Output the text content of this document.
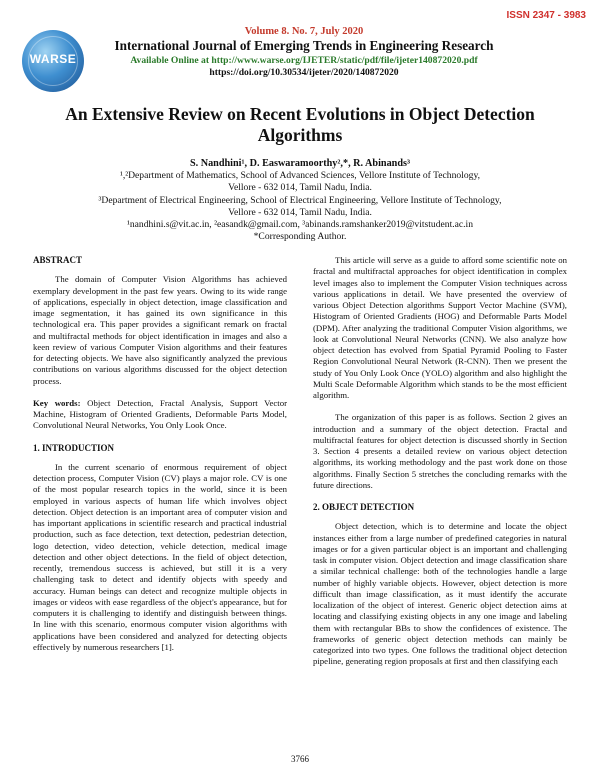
ISSN 2347 - 3983
WARSE
Volume 8. No. 7, July 2020
International Journal of Emerging Trends in Engineering Research
Available Online at http://www.warse.org/IJETER/static/pdf/file/ijeter140872020.pdf
https://doi.org/10.30534/ijeter/2020/140872020
An Extensive Review on Recent Evolutions in Object Detection Algorithms
S. Nandhini¹, D. Easwaramoorthy²,*, R. Abinands³
¹,²Department of Mathematics, School of Advanced Sciences, Vellore Institute of Technology,
Vellore - 632 014, Tamil Nadu, India.
³Department of Electrical Engineering, School of Electrical Engineering, Vellore Institute of Technology,
Vellore - 632 014, Tamil Nadu, India.
¹nandhini.s@vit.ac.in, ²easandk@gmail.com, ³abinands.ramshanker2019@vitstudent.ac.in
*Corresponding Author.
ABSTRACT

The domain of Computer Vision Algorithms has achieved exemplary development in the past few years. Owing to its wide range of applications, especially in object detection, image classification and image segmentation, it has gained its own significance in this technological era. This paper provides a significant remark on fractal and multifractal methods for object identification in images and also a keen review of various Computer Vision algorithms and their features for detecting objects. We have also significantly analyzed the previous contributions on various algorithms discussed for the object detection process.

Key words: Object Detection, Fractal Analysis, Support Vector Machine, Histogram of Oriented Gradients, Deformable Parts Model, Convolutional Neural Networks, You Only Look Once.

1. INTRODUCTION

In the current scenario of enormous requirement of object detection process, Computer Vision (CV) plays a major role. CV is one of the most popular research topics in the world, since it is been employed in various aspects of human life which involves object detection. Object detection is an important area of computer vision and has important applications in scientific research and practical industrial production, such as face detection, text detection, pedestrian detection, logo detection, video detection, vehicle detection, medical image detection and other object detections. In the field of object detection, recently, tremendous success is achieved, but still it is a very challenging task to detect and identify objects with speedy and accuracy. Human beings can detect and recognize multiple objects in images or videos with ease regardless of the object's appearance, but for computers it is challenging to identify and distinguish between things. In line with this scenario, enormous computer vision algorithms with applications have been considered and analyzed for detecting objects effectively by numerous researchers [1].

This article will serve as a guide to afford some scientific note on fractal and multifractal approaches for object identification in complex level images also to implement the Computer Vision techniques across various applications in detail. We have presented the overview of various Object Detection algorithms Support Vector Machine (SVM), Histogram of Oriented Gradients (HOG) and Deformable Parts Model (DPM). After analyzing the traditional Computer Vision algorithms, we look at Convolutional Neural Networks (CNN). We also analyze how object detection has evolved from Spatial Pyramid Pooling to Faster Region Convolutional Neural Network (R-CNN). Then we present the study of You Only Look Once (YOLO) algorithm and also highlight the Multi Scale Deformable Algorithm which stands to be the most efficient algorithm.

The organization of this paper is as follows. Section 2 gives an introduction and a summary of the object detection. Fractal and multifractal features for object detection is discussed shortly in Section 3. Section 4 presents a detailed review on various object detection algorithms, its working methodology and the past work done on those algorithms. Finally Section 5 stretches the concluding remarks with the future directions.

2. OBJECT DETECTION

Object detection, which is to determine and locate the object instances either from a large number of predefined categories in natural images or for a given particular object is an important and challenging task in computer vision. Object detection and image classification share a similar technical challenge: both of the technologies handle a large number of highly variable objects. However, object detection is more difficult than image classification, as it must identify the accurate localization of the object of interest. Generic object detection aims at locating and classifying existing objects in any one image and labeling them with rectangular BBs to show the confidences of existence. The frameworks of generic object detection methods can mainly be categorized into two types. One follows the traditional object detection pipeline, generating region proposals at first and then classifying each

3766
